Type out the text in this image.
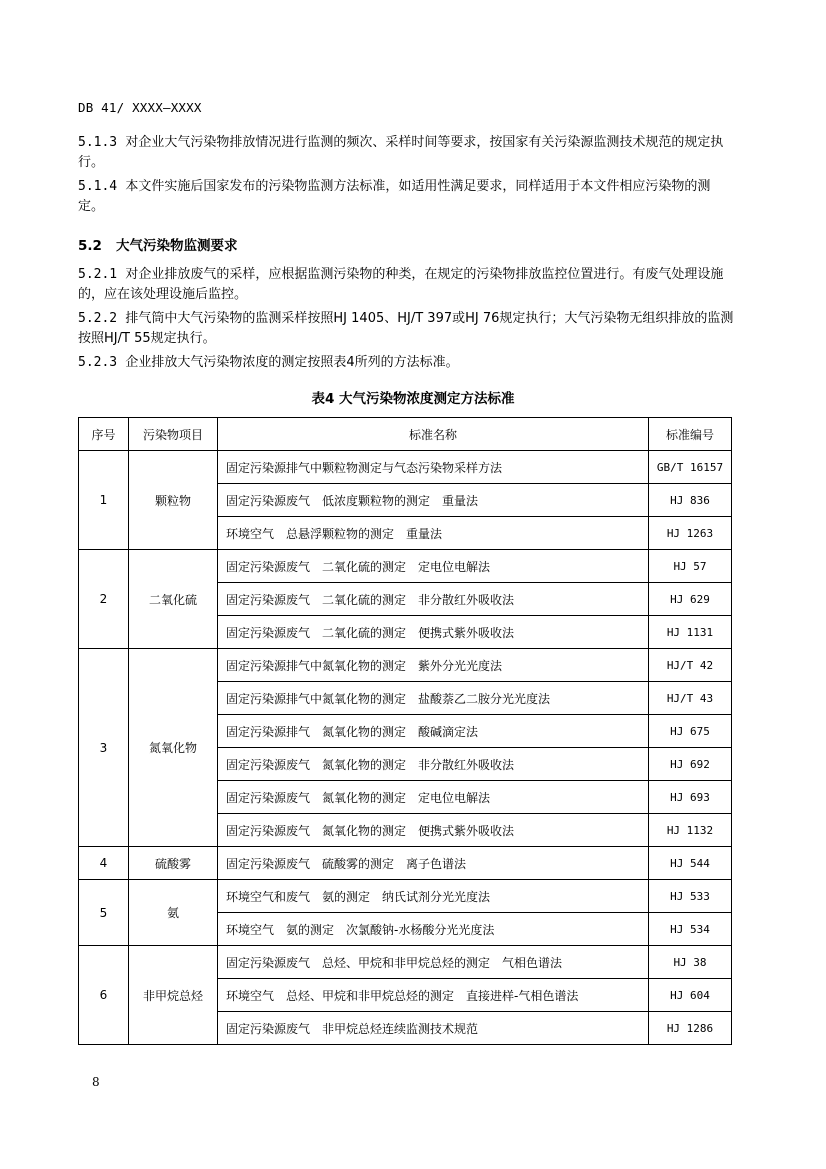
DB 41/ XXXX—XXXX
5.1.3 对企业大气污染物排放情况进行监测的频次、采样时间等要求，按国家有关污染源监测技术规范的规定执行。
5.1.4 本文件实施后国家发布的污染物监测方法标准，如适用性满足要求，同样适用于本文件相应污染物的测定。
5.2 大气污染物监测要求
5.2.1 对企业排放废气的采样，应根据监测污染物的种类，在规定的污染物排放监控位置进行。有废气处理设施的，应在该处理设施后监控。
5.2.2 排气筒中大气污染物的监测采样按照HJ 1405、HJ/T 397或HJ 76规定执行；大气污染物无组织排放的监测按照HJ/T 55规定执行。
5.2.3 企业排放大气污染物浓度的测定按照表4所列的方法标准。
表4 大气污染物浓度测定方法标准
序号	污染物项目	标准名称	标准编号
1	颗粒物	固定污染源排气中颗粒物测定与气态污染物采样方法	GB/T 16157
		固定污染源废气　低浓度颗粒物的测定　重量法	HJ 836
		环境空气　总悬浮颗粒物的测定　重量法	HJ 1263
2	二氧化硫	固定污染源废气　二氧化硫的测定　定电位电解法	HJ 57
		固定污染源废气　二氧化硫的测定　非分散红外吸收法	HJ 629
		固定污染源废气　二氧化硫的测定　便携式紫外吸收法	HJ 1131
3	氮氧化物	固定污染源排气中氮氧化物的测定　紫外分光光度法	HJ/T 42
		固定污染源排气中氮氧化物的测定　盐酸萘乙二胺分光光度法	HJ/T 43
		固定污染源排气　氮氧化物的测定　酸碱滴定法	HJ 675
		固定污染源废气　氮氧化物的测定　非分散红外吸收法	HJ 692
		固定污染源废气　氮氧化物的测定　定电位电解法	HJ 693
		固定污染源废气　氮氧化物的测定　便携式紫外吸收法	HJ 1132
4	硫酸雾	固定污染源废气　硫酸雾的测定　离子色谱法	HJ 544
5	氨	环境空气和废气　氨的测定　纳氏试剂分光光度法	HJ 533
		环境空气　氨的测定　次氯酸钠-水杨酸分光光度法	HJ 534
6	非甲烷总烃	固定污染源废气　总烃、甲烷和非甲烷总烃的测定　气相色谱法	HJ 38
		环境空气　总烃、甲烷和非甲烷总烃的测定　直接进样-气相色谱法	HJ 604
		固定污染源废气　非甲烷总烃连续监测技术规范	HJ 1286
8
